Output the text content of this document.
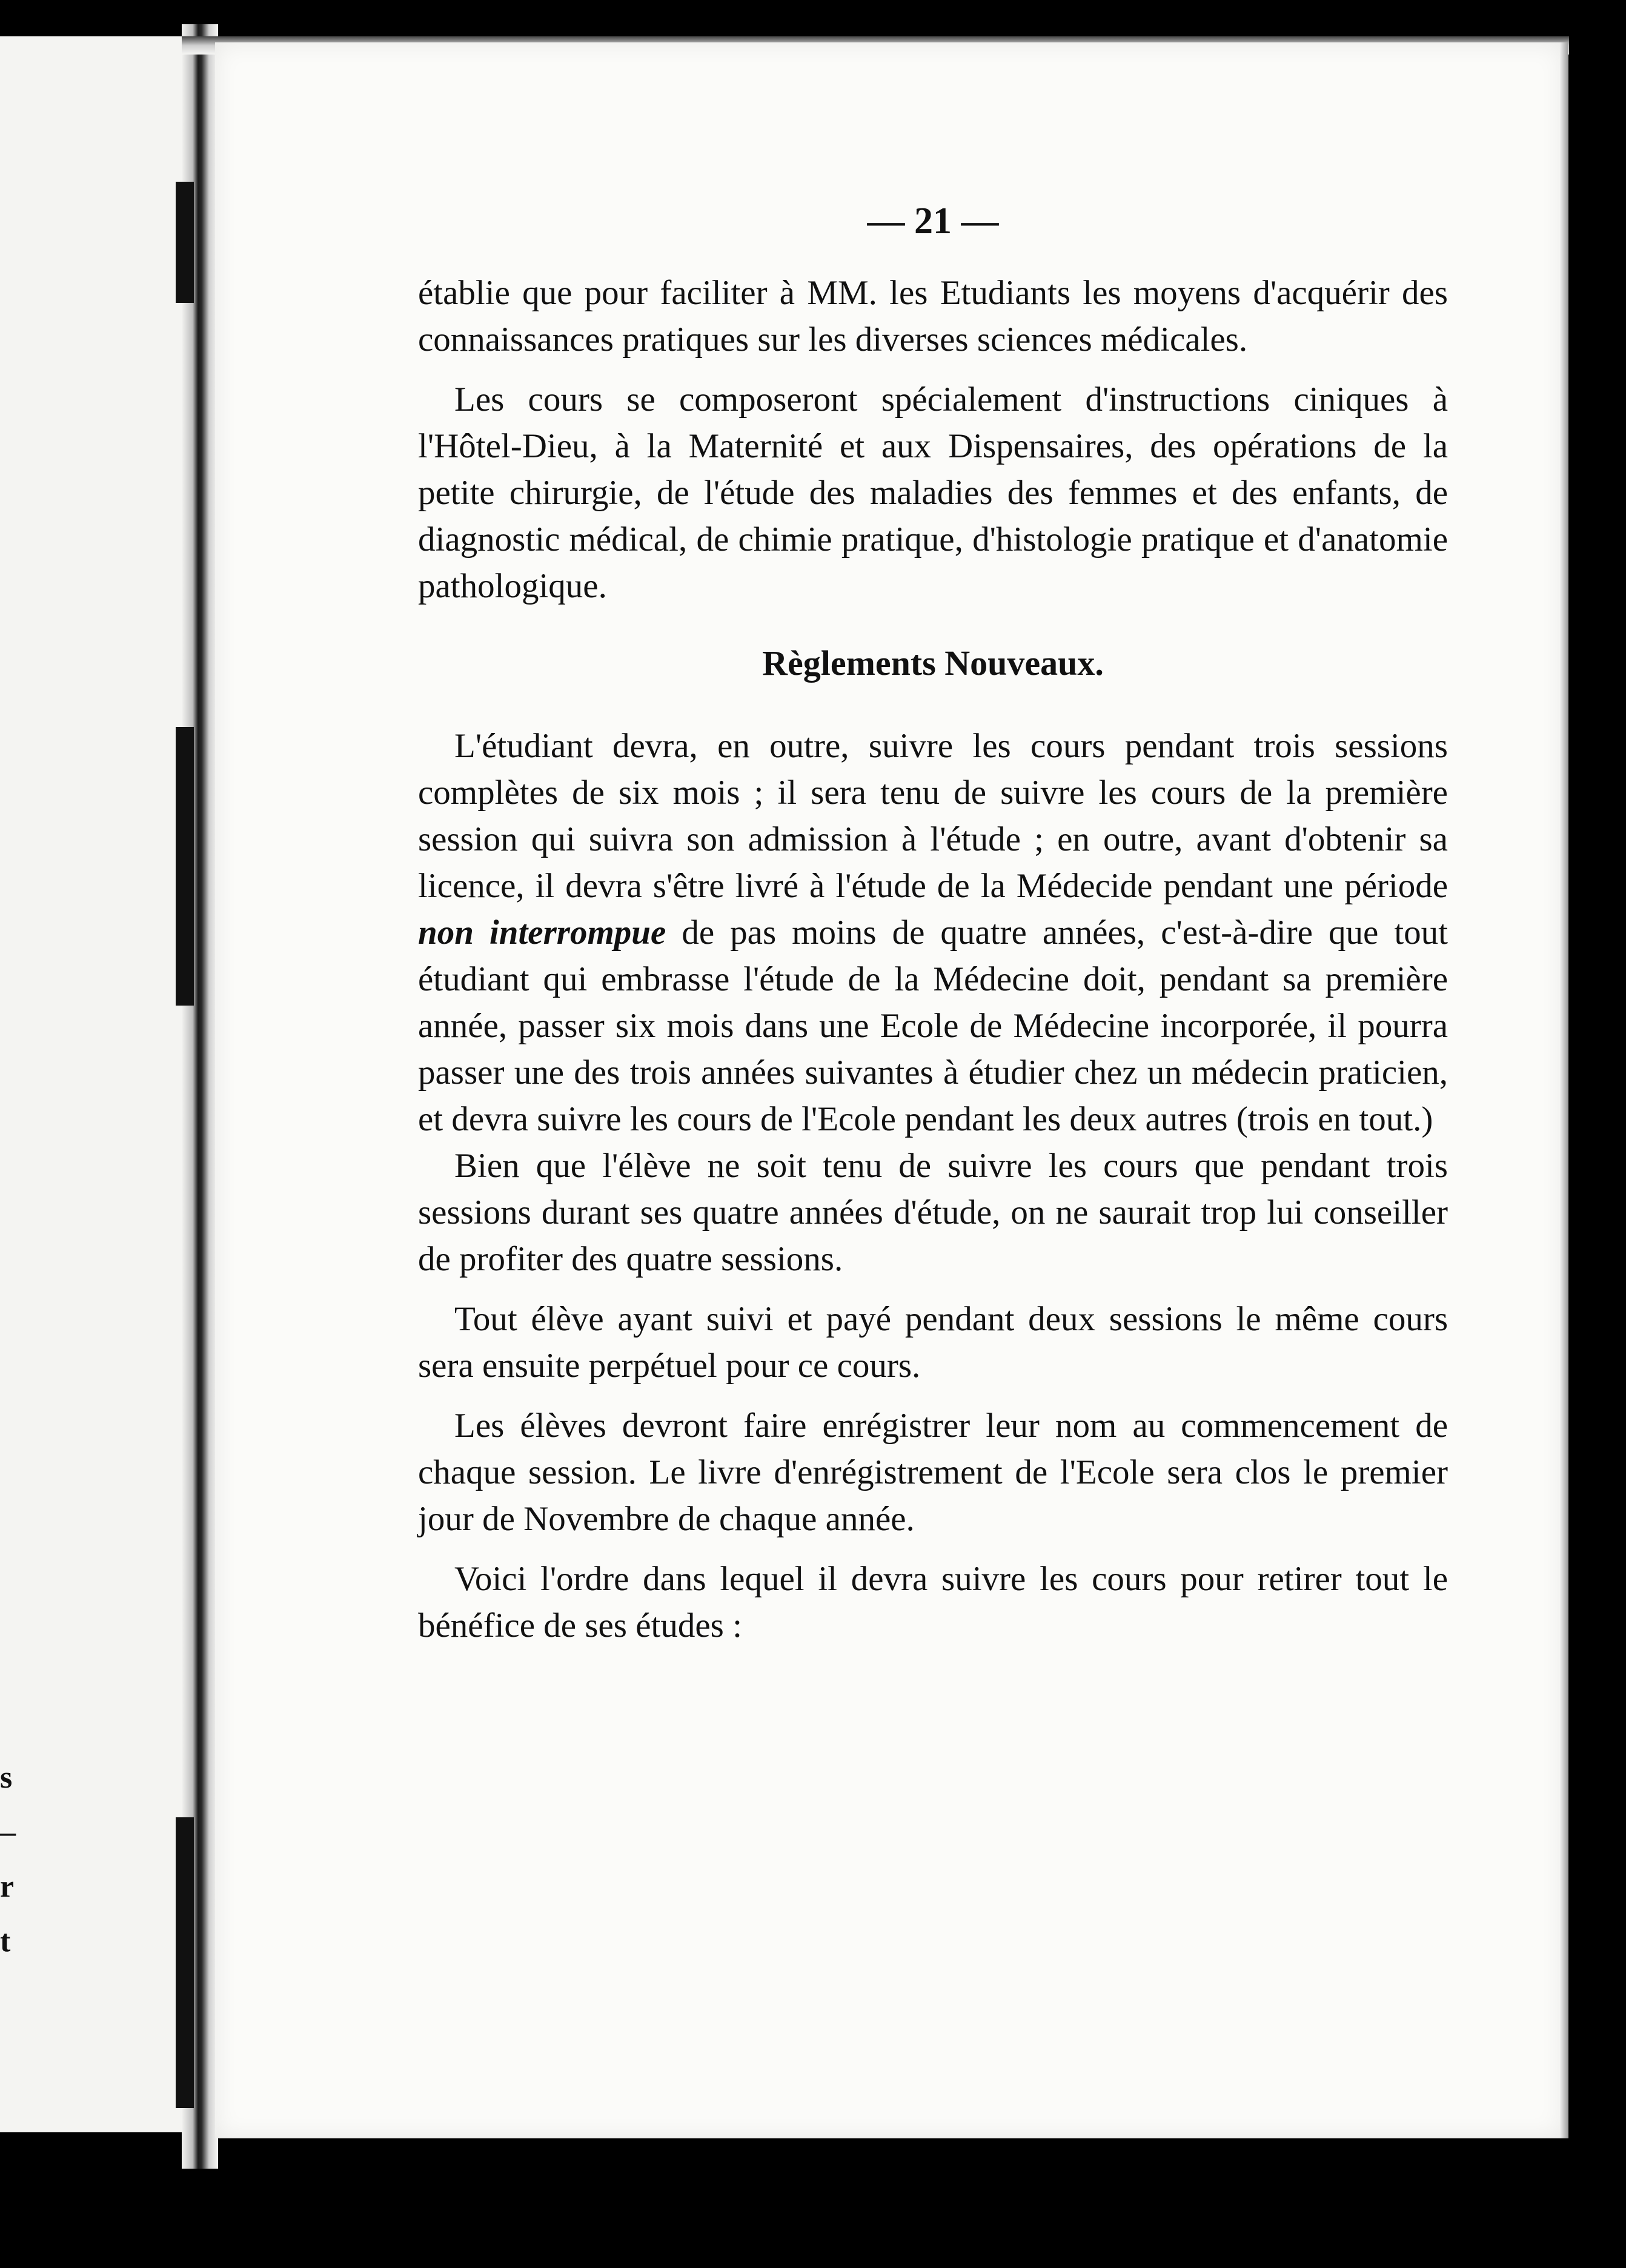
s
–
r
t
— 21 —

établie que pour faciliter à MM. les Etudiants les moyens d'acquérir des connaissances pratiques sur les diverses sciences médicales.

Les cours se composeront spécialement d'instructions ciniques à l'Hôtel-Dieu, à la Maternité et aux Dispensaires, des opérations de la petite chirurgie, de l'étude des maladies des femmes et des enfants, de diagnostic médical, de chimie pratique, d'histologie pratique et d'anatomie pathologique.

Règlements Nouveaux.

L'étudiant devra, en outre, suivre les cours pendant trois sessions complètes de six mois ; il sera tenu de suivre les cours de la première session qui suivra son admission à l'étude ; en outre, avant d'obtenir sa licence, il devra s'être livré à l'étude de la Médecide pendant une période non interrompue de pas moins de quatre années, c'est-à-dire que tout étudiant qui embrasse l'étude de la Médecine doit, pendant sa première année, passer six mois dans une Ecole de Médecine incorporée, il pourra passer une des trois années suivantes à étudier chez un médecin praticien, et devra suivre les cours de l'Ecole pendant les deux autres (trois en tout.)

Bien que l'élève ne soit tenu de suivre les cours que pendant trois sessions durant ses quatre années d'étude, on ne saurait trop lui conseiller de profiter des quatre sessions.

Tout élève ayant suivi et payé pendant deux sessions le même cours sera ensuite perpétuel pour ce cours.

Les élèves devront faire enrégistrer leur nom au commencement de chaque session. Le livre d'enrégistrement de l'Ecole sera clos le premier jour de Novembre de chaque année.

Voici l'ordre dans lequel il devra suivre les cours pour retirer tout le bénéfice de ses études :
